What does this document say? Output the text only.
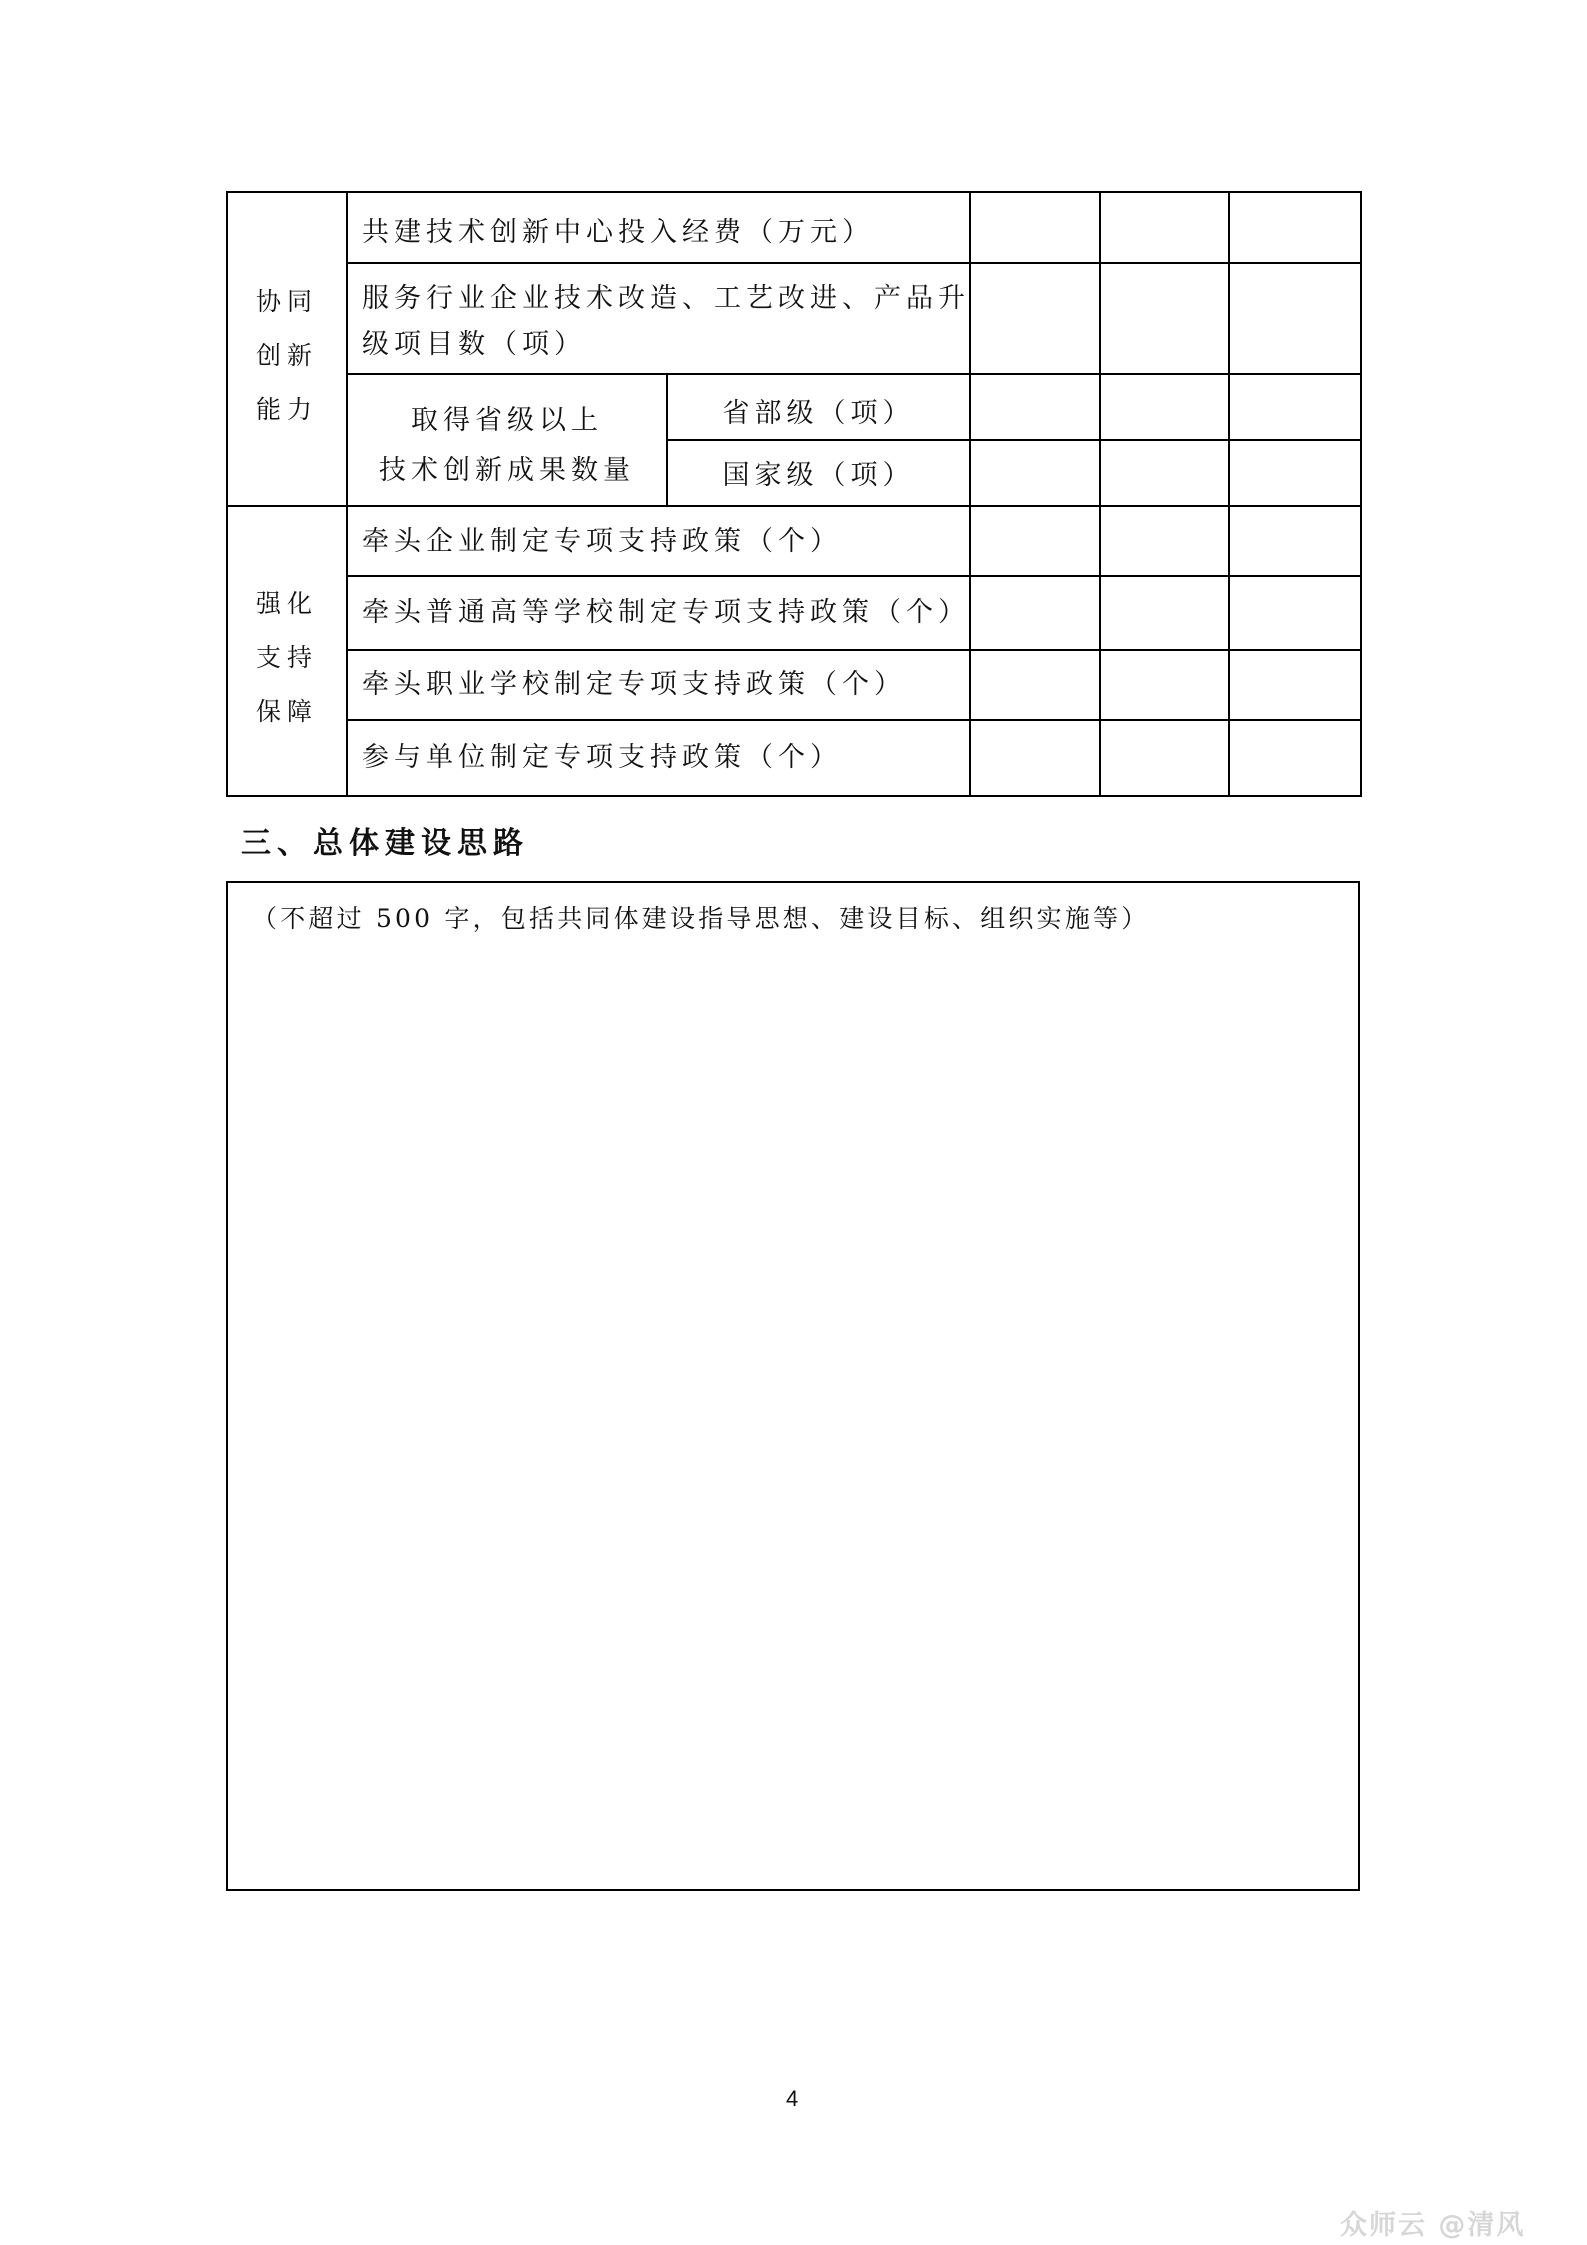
协同
创新
能力
共建技术创新中心投入经费（万元）
服务行业企业技术改造、工艺改进、产品升
级项目数（项）
取得省级以上
技术创新成果数量
省部级（项）
国家级（项）
强化
支持
保障
牵头企业制定专项支持政策（个）
牵头普通高等学校制定专项支持政策（个）
牵头职业学校制定专项支持政策（个）
参与单位制定专项支持政策（个）
三、总体建设思路
（不超过 500 字，包括共同体建设指导思想、建设目标、组织实施等）
4
众师云 @清风
